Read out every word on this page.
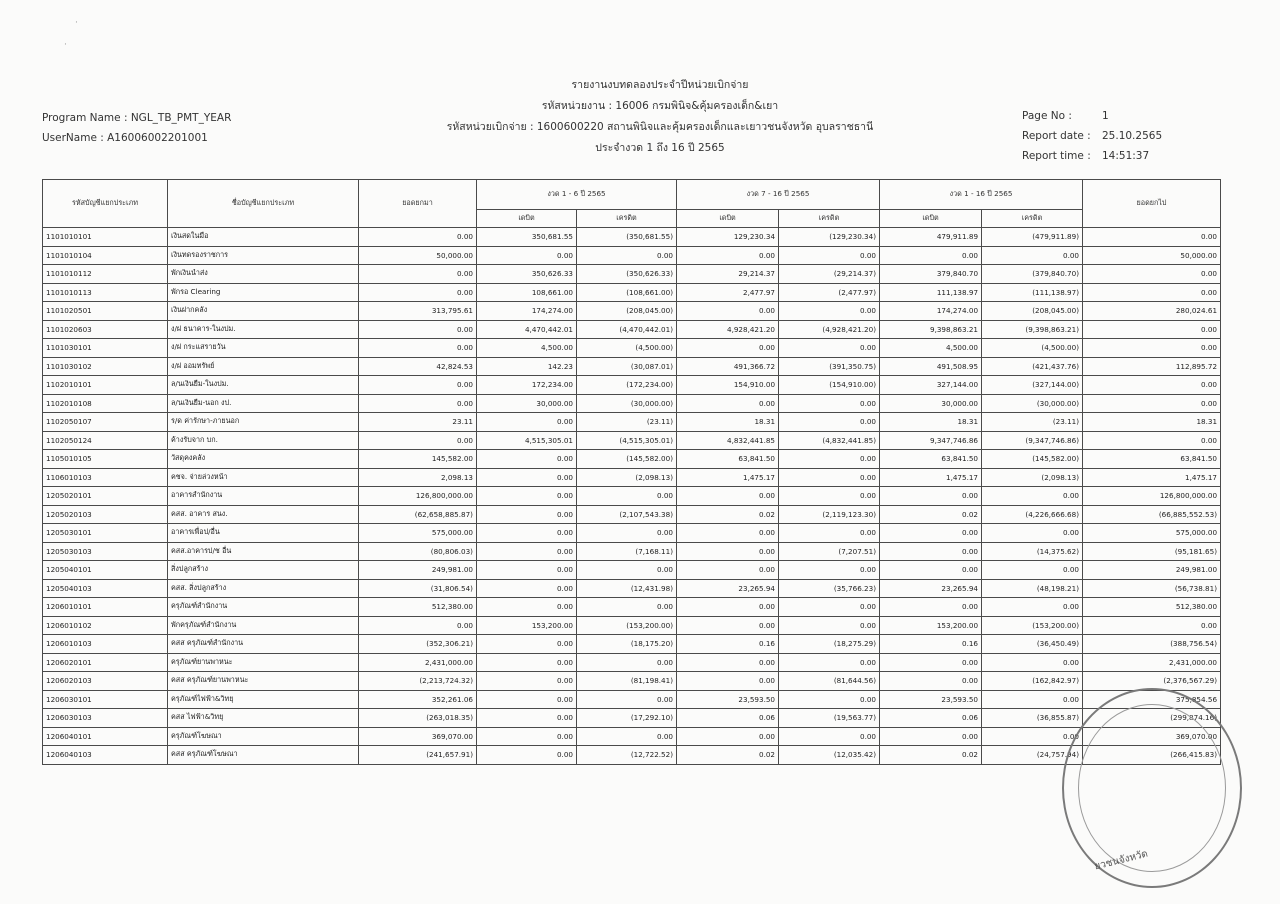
·
·
Program Name : NGL_TB_PMT_YEAR
UserName : A16006002201001
รายงานงบทดลองประจำปีหน่วยเบิกจ่าย
รหัสหน่วยงาน : 16006 กรมพินิจ&คุ้มครองเด็ก&เยา
รหัสหน่วยเบิกจ่าย : 1600600220 สถานพินิจและคุ้มครองเด็กและเยาวชนจังหวัด อุบลราชธานี
ประจำงวด 1 ถึง 16 ปี 2565
Page No :	1
Report date :	25.10.2565
Report time :	14:51:37
รหัสบัญชีแยกประเภท	ชื่อบัญชีแยกประเภท	ยอดยกมา	งวด 1 - 6 ปี 2565		งวด 7 - 16 ปี 2565		งวด 1 - 16 ปี 2565		ยอดยกไป
			เดบิต	เครดิต	เดบิต	เครดิต	เดบิต	เครดิต	
1101010101	เงินสดในมือ	0.00	350,681.55	(350,681.55)	129,230.34	(129,230.34)	479,911.89	(479,911.89)	0.00
1101010104	เงินทดรองราชการ	50,000.00	0.00	0.00	0.00	0.00	0.00	0.00	50,000.00
1101010112	พักเงินนำส่ง	0.00	350,626.33	(350,626.33)	29,214.37	(29,214.37)	379,840.70	(379,840.70)	0.00
1101010113	พักรอ Clearing	0.00	108,661.00	(108,661.00)	2,477.97	(2,477.97)	111,138.97	(111,138.97)	0.00
1101020501	เงินฝากคลัง	313,795.61	174,274.00	(208,045.00)	0.00	0.00	174,274.00	(208,045.00)	280,024.61
1101020603	ง/ฝ ธนาคาร-ในงปม.	0.00	4,470,442.01	(4,470,442.01)	4,928,421.20	(4,928,421.20)	9,398,863.21	(9,398,863.21)	0.00
1101030101	ง/ฝ กระแสรายวัน	0.00	4,500.00	(4,500.00)	0.00	0.00	4,500.00	(4,500.00)	0.00
1101030102	ง/ฝ ออมทรัพย์	42,824.53	142.23	(30,087.01)	491,366.72	(391,350.75)	491,508.95	(421,437.76)	112,895.72
1102010101	ล/นเงินยืม-ในงปม.	0.00	172,234.00	(172,234.00)	154,910.00	(154,910.00)	327,144.00	(327,144.00)	0.00
1102010108	ล/นเงินยืม-นอก งป.	0.00	30,000.00	(30,000.00)	0.00	0.00	30,000.00	(30,000.00)	0.00
1102050107	ร/ด ค่ารักษา-ภายนอก	23.11	0.00	(23.11)	18.31	0.00	18.31	(23.11)	18.31
1102050124	ค้างรับจาก บก.	0.00	4,515,305.01	(4,515,305.01)	4,832,441.85	(4,832,441.85)	9,347,746.86	(9,347,746.86)	0.00
1105010105	วัสดุคงคลัง	145,582.00	0.00	(145,582.00)	63,841.50	0.00	63,841.50	(145,582.00)	63,841.50
1106010103	คชจ. จ่ายล่วงหน้า	2,098.13	0.00	(2,098.13)	1,475.17	0.00	1,475.17	(2,098.13)	1,475.17
1205020101	อาคารสำนักงาน	126,800,000.00	0.00	0.00	0.00	0.00	0.00	0.00	126,800,000.00
1205020103	คสส. อาคาร สนง.	(62,658,885.87)	0.00	(2,107,543.38)	0.02	(2,119,123.30)	0.02	(4,226,666.68)	(66,885,552.53)
1205030101	อาคารเพื่อป/อื่น	575,000.00	0.00	0.00	0.00	0.00	0.00	0.00	575,000.00
1205030103	คสส.อาคารป/ช อื่น	(80,806.03)	0.00	(7,168.11)	0.00	(7,207.51)	0.00	(14,375.62)	(95,181.65)
1205040101	สิ่งปลูกสร้าง	249,981.00	0.00	0.00	0.00	0.00	0.00	0.00	249,981.00
1205040103	คสส. สิ่งปลูกสร้าง	(31,806.54)	0.00	(12,431.98)	23,265.94	(35,766.23)	23,265.94	(48,198.21)	(56,738.81)
1206010101	ครุภัณฑ์สำนักงาน	512,380.00	0.00	0.00	0.00	0.00	0.00	0.00	512,380.00
1206010102	พักครุภัณฑ์สำนักงาน	0.00	153,200.00	(153,200.00)	0.00	0.00	153,200.00	(153,200.00)	0.00
1206010103	คสส ครุภัณฑ์สำนักงาน	(352,306.21)	0.00	(18,175.20)	0.16	(18,275.29)	0.16	(36,450.49)	(388,756.54)
1206020101	ครุภัณฑ์ยานพาหนะ	2,431,000.00	0.00	0.00	0.00	0.00	0.00	0.00	2,431,000.00
1206020103	คสส ครุภัณฑ์ยานพาหนะ	(2,213,724.32)	0.00	(81,198.41)	0.00	(81,644.56)	0.00	(162,842.97)	(2,376,567.29)
1206030101	ครุภัณฑ์ไฟฟ้า&วิทยุ	352,261.06	0.00	0.00	23,593.50	0.00	23,593.50	0.00	375,854.56
1206030103	คสส ไฟฟ้า&วิทยุ	(263,018.35)	0.00	(17,292.10)	0.06	(19,563.77)	0.06	(36,855.87)	(299,874.16)
1206040101	ครุภัณฑ์โฆษณา	369,070.00	0.00	0.00	0.00	0.00	0.00	0.00	369,070.00
1206040103	คสส ครุภัณฑ์โฆษณา	(241,657.91)	0.00	(12,722.52)	0.02	(12,035.42)	0.02	(24,757.94)	(266,415.83)
ยวชนจังหวัด
